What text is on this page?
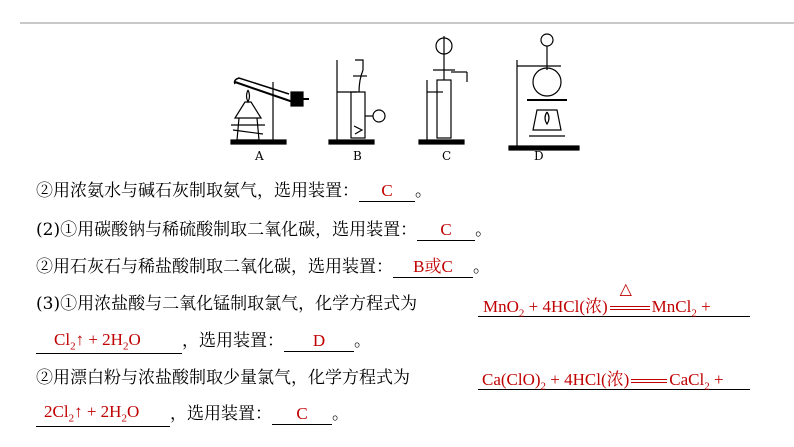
A	B	C	D
②用浓氨水与碱石灰制取氨气，选用装置： C 。
(2)①用碳酸钠与稀硫酸制取二氧化碳，选用装置： C 。
②用石灰石与稀盐酸制取二氧化碳，选用装置： B或C 。
(3)①用浓盐酸与二氧化锰制取氯气，化学方程式为	MnO$_2$ + 4HCl(浓)
△
MnCl$_2$ +
$Cl_2↑ + 2H_2O$ ，选用装置： D 。
②用漂白粉与浓盐酸制取少量氯气，化学方程式为	$Ca(ClO)_2 + 4HCl$(浓) CaCl$_2$ +
$2Cl_2↑ + 2H_2O$ ，选用装置： C 。
